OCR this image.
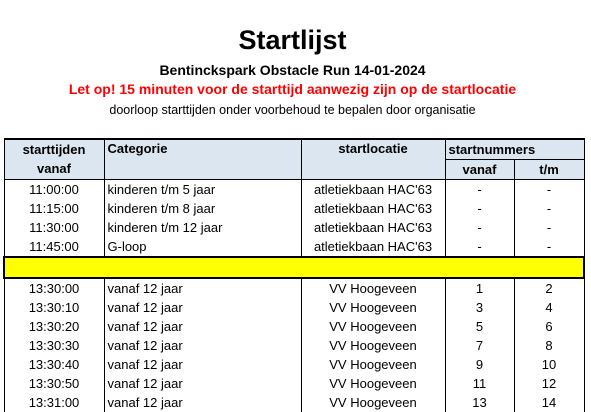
Startlijst
Bentinckspark Obstacle Run 14-01-2024
Let op! 15 minuten voor de starttijd aanwezig zijn op de startlocatie
doorloop starttijden onder voorbehoud te bepalen door organisatie
starttijden	Categorie	startlocatie	startnummers	
vanaf			vanaf	t/m
11:00:00	kinderen t/m 5 jaar	atletiekbaan HAC'63	-	-
11:15:00	kinderen t/m 8 jaar	atletiekbaan HAC'63	-	-
11:30:00	kinderen t/m 12 jaar	atletiekbaan HAC'63	-	-
11:45:00	G-loop	atletiekbaan HAC'63	-	-

13:30:00	vanaf 12 jaar	VV Hoogeveen	1	2
13:30:10	vanaf 12 jaar	VV Hoogeveen	3	4
13:30:20	vanaf 12 jaar	VV Hoogeveen	5	6
13:30:30	vanaf 12 jaar	VV Hoogeveen	7	8
13:30:40	vanaf 12 jaar	VV Hoogeveen	9	10
13:30:50	vanaf 12 jaar	VV Hoogeveen	11	12
13:31:00	vanaf 12 jaar	VV Hoogeveen	13	14
